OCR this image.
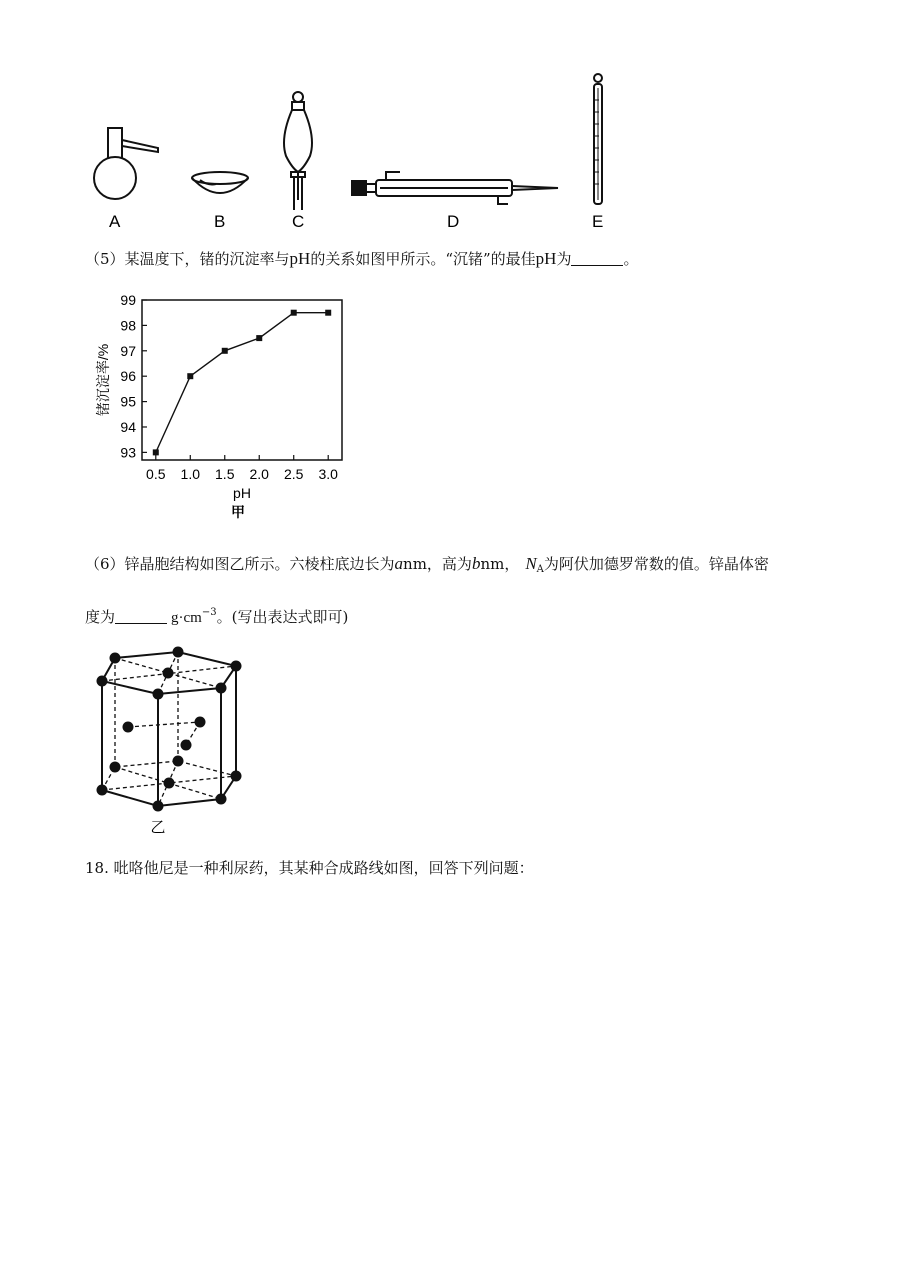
A	B	C	D	E
（5）某温度下，锗的沉淀率与pH的关系如图甲所示。“沉锗”的最佳pH为	。
93
94
95
96
97
98
99
0.5 1.0 1.5 2.0 2.5 3.0
锗沉淀率/%
pH
甲
（6）锌晶胞结构如图乙所示。六棱柱底边长为anm，高为bnm， $N_A$为阿伏加德罗常数的值。锌晶体密
度为	$g\cdot cm^{-3}$。(写出表达式即可)
乙
18. 吡咯他尼是一种利尿药，其某种合成路线如图，回答下列问题：
